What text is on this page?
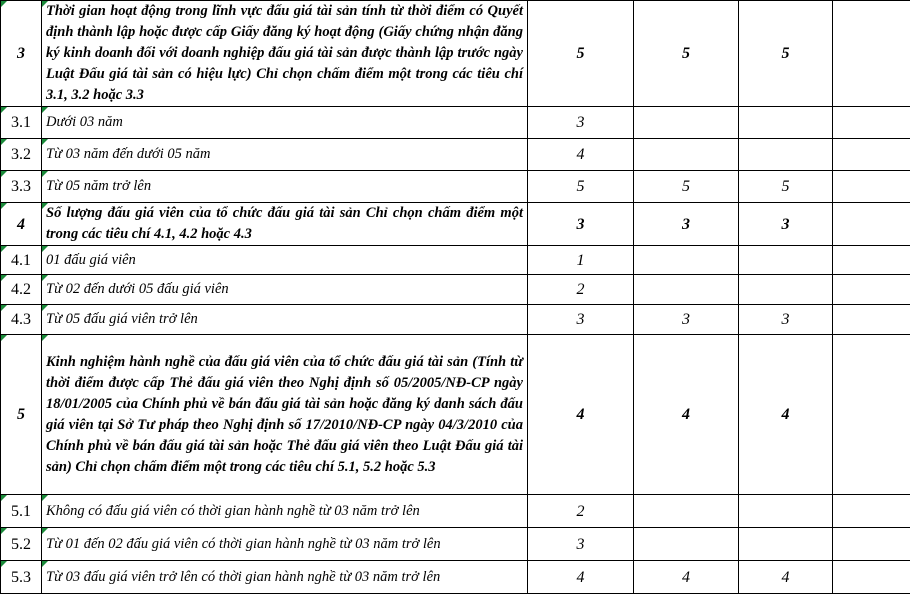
3	Thời gian hoạt động trong lĩnh vực đấu giá tài sản tính từ thời điểm có Quyết định thành lập hoặc được cấp Giấy đăng ký hoạt động (Giấy chứng nhận đăng ký kinh doanh đối với doanh nghiệp đấu giá tài sản được thành lập trước ngày Luật Đấu giá tài sản có hiệu lực) Chỉ chọn chấm điểm một trong các tiêu chí 3.1, 3.2 hoặc 3.3	5	5	5	

3.1	Dưới 03 năm	3			

3.2	Từ 03 năm đến dưới 05 năm	4			

3.3	Từ 05 năm trở lên	5	5	5	

4	Số lượng đấu giá viên của tổ chức đấu giá tài sản Chỉ chọn chấm điểm một trong các tiêu chí 4.1, 4.2 hoặc 4.3	3	3	3	

4.1	01 đấu giá viên	1			

4.2	Từ 02 đến dưới 05 đấu giá viên	2			

4.3	Từ 05 đấu giá viên trở lên	3	3	3	

5	Kinh nghiệm hành nghề của đấu giá viên của tổ chức đấu giá tài sản (Tính từ thời điểm được cấp Thẻ đấu giá viên theo Nghị định số 05/2005/NĐ-CP ngày 18/01/2005 của Chính phủ về bán đấu giá tài sản hoặc đăng ký danh sách đấu giá viên tại Sở Tư pháp theo Nghị định số 17/2010/NĐ-CP ngày 04/3/2010 của Chính phủ về bán đấu giá tài sản hoặc Thẻ đấu giá viên theo Luật Đấu giá tài sản) Chỉ chọn chấm điểm một trong các tiêu chí 5.1, 5.2 hoặc 5.3	4	4	4	

5.1	Không có đấu giá viên có thời gian hành nghề từ 03 năm trở lên	2			

5.2	Từ 01 đến 02 đấu giá viên có thời gian hành nghề từ 03 năm trở lên	3			

5.3	Từ 03 đấu giá viên trở lên có thời gian hành nghề từ 03 năm trở lên	4	4	4	
